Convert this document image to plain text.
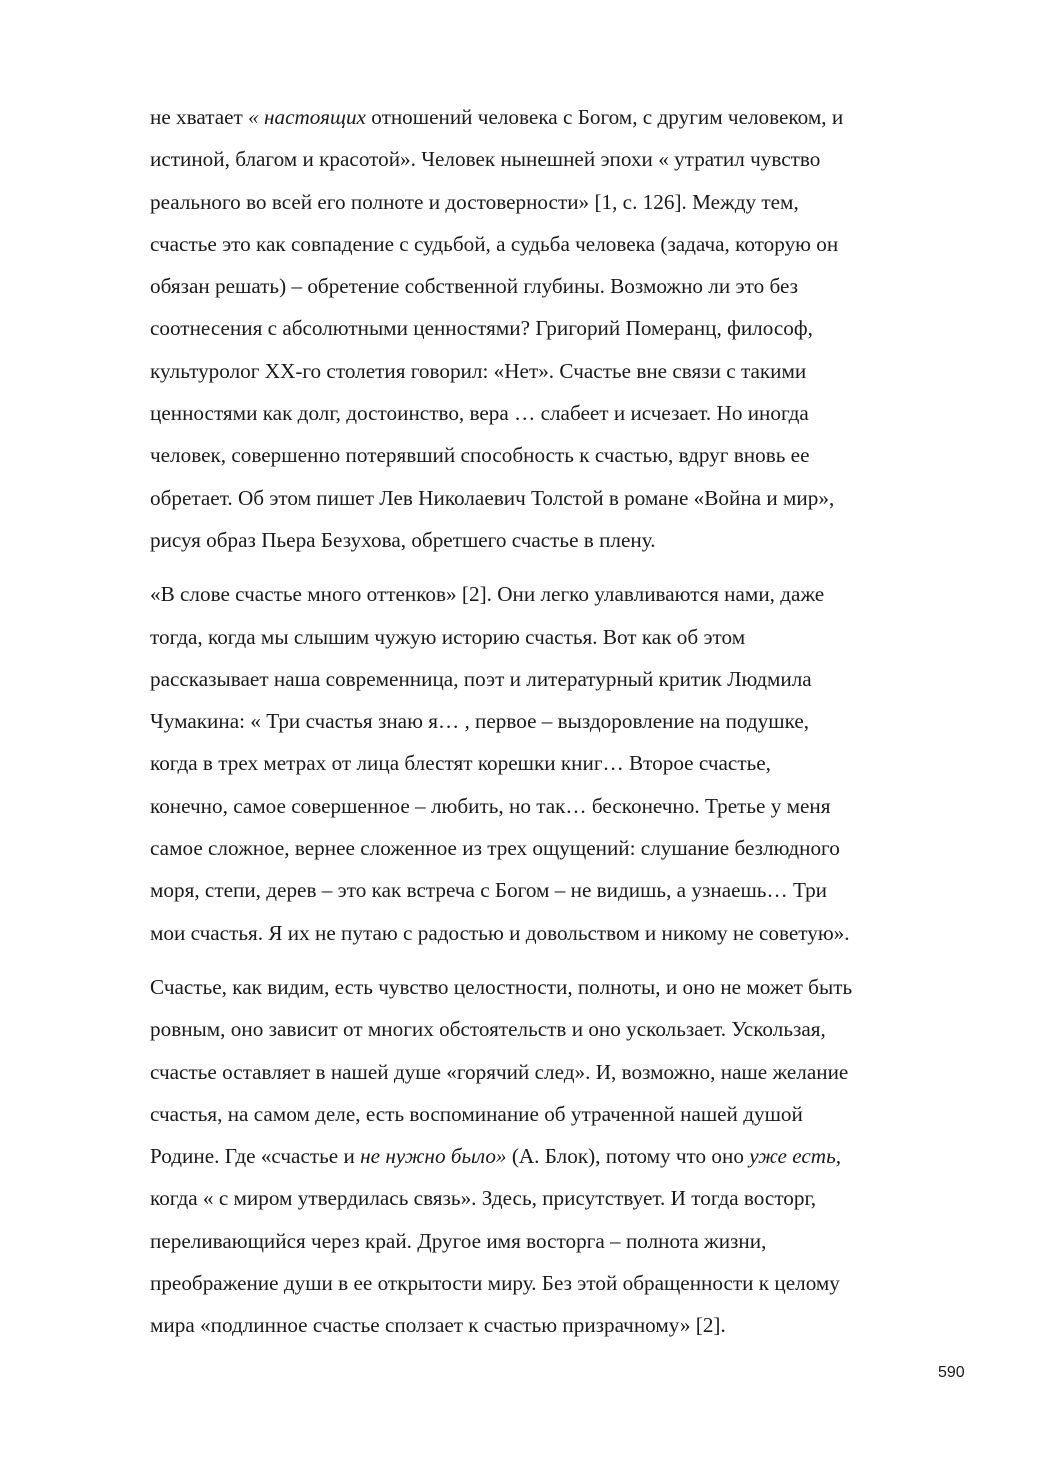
не хватает « настоящих отношений человека с Богом, с другим человеком, и
истиной, благом и красотой». Человек нынешней эпохи « утратил чувство
реального во всей его полноте и достоверности» [1, с. 126]. Между тем,
счастье это как совпадение с судьбой, а судьба человека (задача, которую он
обязан решать) – обретение собственной глубины. Возможно ли это без
соотнесения с абсолютными ценностями? Григорий Померанц, философ,
культуролог ХХ-го столетия говорил: «Нет». Счастье вне связи с такими
ценностями как долг, достоинство, вера … слабеет и исчезает. Но иногда
человек, совершенно потерявший способность к счастью, вдруг вновь ее
обретает. Об этом пишет Лев Николаевич Толстой в романе «Война и мир»,
рисуя образ Пьера Безухова, обретшего счастье в плену.
«В слове счастье много оттенков» [2]. Они легко улавливаются нами, даже
тогда, когда мы слышим чужую историю счастья. Вот как об этом
рассказывает наша современница, поэт и литературный критик Людмила
Чумакина: « Три счастья знаю я… , первое – выздоровление на подушке,
когда в трех метрах от лица блестят корешки книг… Второе счастье,
конечно, самое совершенное – любить, но так… бесконечно. Третье у меня
самое сложное, вернее сложенное из трех ощущений: слушание безлюдного
моря, степи, дерев – это как встреча с Богом – не видишь, а узнаешь… Три
мои счастья. Я их не путаю с радостью и довольством и никому не советую».
Счастье, как видим, есть чувство целостности, полноты, и оно не может быть
ровным, оно зависит от многих обстоятельств и оно ускользает. Ускользая,
счастье оставляет в нашей душе «горячий след». И, возможно, наше желание
счастья, на самом деле, есть воспоминание об утраченной нашей душой
Родине. Где «счастье и не нужно было» (А. Блок), потому что оно уже есть,
когда « с миром утвердилась связь». Здесь, присутствует. И тогда восторг,
переливающийся через край. Другое имя восторга – полнота жизни,
преображение души в ее открытости миру. Без этой обращенности к целому
мира «подлинное счастье сползает к счастью призрачному» [2].
590
